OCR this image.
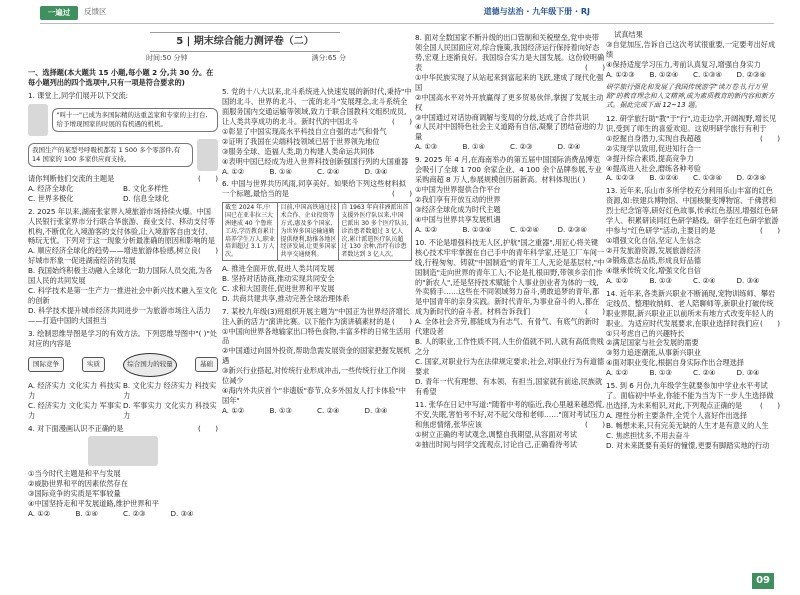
一遍过	反馈区	道德与法治 · 九年级下册 · RJ
一、选择题(本大题共 15 小题,每小题 2 分,共 30 分。在每小题列出的四个选项中,只有一项是符合要求的)
1. 课堂上,同学们展开以下交流:
"叫十一"已成为多国际精的达重盖家和专家的主打台,给予增现国家的时展的有机遇的机机。
我国生产的某型号呼吸机都有 1 500 多个零部件,有 14 国家的 100 多家供应商支持。
请你判断他们交流的主题是	(　　)
A. 经济全球化	B. 文化多样性
C. 世界多极化	D. 信息全球化
2. 2025 年以来,湖南张家界入境旅游市场持续火爆。中国人民银行张家界市分行联合华旅游、商业支付、移动支付等机构,不断优化入境游客的支付体验,让入境游客自由支付、畅玩无忧。下列对于这一现象分析最准确的原因和影响的是
(　　)
A. 顺应经济全球化的趋势——增进旅游体验感,树立良好城市形象一促进湖南经济的发展
B. 我国始终积极主动融入全球化一助力国际人员交流,为各国人民的共同发展
C. 科学技术是第一生产力一推进社会中新兴技术融入至文化的创新
D. 科学技术提升城市经济共同进步一为旅游市场注入活力——打造中国的大国担当
3. 绘制思维导图是学习的有效方法。下列思维导图中"( )"处对应的内容是
国际竞争	实质	综合国力的较量	基础
A. 经济实力 文化实力 科技实力
B. 文化实力 经济实力 科技实力
C. 经济实力 文化实力 军事实力
D. 军事实力 文化实力 科技实力
4. 对下面漫画认识不正确的是	(　　)
①当今时代主题是和平与发展
②威胁世界和平的因素依然存在
③国际竞争的实质是军事较量
④中国坚持走和平发展道路,维护世界和平
A. ①②	B. ①④	C. ②③	D. ③④
5 | 期末综合能力测评卷（二）
时间:50 分钟	满分:65 分
5. 党的十八大以来,北斗系统进入快速发展的新时代,秉持"中国的北斗、世界的北斗、一流的北斗"发展理念,北斗系统全面服务国内交通运输等领域,致力于联合国教科文组织成员,让人类共享成功的北斗。新时代的中国北斗	(　　)
①彰显了中国实现高水平科技自立自强的志气和骨气
②证明了我国在尖端科技领域已居于世界领先地位
③服务全球、造福人类,助力构建人类命运共同体
④表明中国已经成为进入世界科技创新强国行列的大国重器
A. ①②	B. ①④	C. ②④	D. ③④
6. 中国与世界共历风雨,同享美好。如果给下列这些材料拟一个标题,最恰当的是	(　　)
截至 2024 年,中国已在亚非拉三大洲建成 40 个鲁班工坊,学历教育累计培养学生万人,职业培训超过 3.1 万人次。	目前,中国高铁通过技术合作、企业投资等方式,惠及多个国家,为世界多国运输通勤提供便利,助推各地区经济发展,让更多国家共享交通便利。	自 1963 年向非洲派出首支援外医疗队以来,中国已派出 30 多个医疗队员,诊治患者数超过 3 亿人次,累计派遣医疗队员超过 130 余种,治疗有诊患者数达到 3 亿人次。
A. 推进全面开放,促进人类共同发展
B. 坚持对话协商,推动实现共同安全
C. 求和大国责任,促进世界和平发展
D. 共商共建共享,推动完善全球治理体系
7. 某校九年级(3)班组织开展主题为"中国正为世界经济增长注入新的活力"演讲比赛。以下能作为演讲稿素材的是 (　　)
①中国向世界各地输家出口特色食物,丰富多样的日常生活用品
②中国通过向国外投资,帮助急需发展资金的国家把握发展机遇
③新兴行业搭起,对传统行业形成冲击,一些传统行业工作岗位减少
④海内外共庆首个"非遗版"春节,众多外国友人打卡体验"中国年"
A. ①②	B. ①③	C. ②④	D. ③④
8. 面对全数国家不断升级的出口管制和关税壁垒,党中央带领全国人民国面应对,综合施策,我国经济运行保持着向好态势,宏观上逐渐良好。我国综合实力是大国发展。这份较明确表	(　　)
①中华民族实现了从站起来到富起来的飞跃,建成了现代化强国
②中国高水平对外开放赢得了更多贸易伙伴,掌握了发展主动权
③中国通过对话协商调解与变局的分歧,达成了合作共识
④人民对中国特色社会主义道路有自信,凝聚了团结奋进的力量
A. ①③	B. ①④	C. ②③	D. ②④
9. 2025 年 4 月,在海南举办的第五届中国国际消费品博览会吸引了全球 1 700 余家企业、4 100 余个品牌参展,专业采购商超 8 万人,参展规模创历届新高。材料体现出( )
①中国为世界提供合作平台
②我们享有开放互动的世界
③经济全球化成为时代主题
④中国与世界共享发展机遇
A. ①②	B. ①③④	C. ①②④	D. ②③④
10. 不论是增强科技无人区,护航"国之重器",用匠心将关键核心技术牢牢掌握在自己手中的青年科学家,还是工厂车间一线,行程匆匆、铸就"中国制造"的青年工人,无论是基层村,"中国制造"走向世界的青年工人;不论是扎根田野,带领乡亲们作的"新农人",还是坚持技术赋能个人事业创业者为体的一线,外卖骑手……这些在不同领域努力奋斗,勇敢追梦的青年,都是中国青年的亲身实践。新时代青年,为事业奋斗的人,都在成为新时代的奋斗者。材料告诉我们	(　　)
A. 全体社会齐劳,都能成为有志气、有骨气、有底气的新时代建设者
B. 人的职业,工作性质不同,人生价值就不同,人就有高低贵贱之分
C. 国家,对职业行为在法律规定要求;社会,对职业行为有道德要求
D. 青年一代有理想、有本领、有担当,国家就有前途,民族就有希望
11. 张华在日记中写道:"随着中考的临近,我心里越来越恐慌,不安,失眠,害怕考不好,对不起父母和老师……"面对考试压力和焦虑情绪,张华应该	(　　)
①树立正确的考试观念,调整自我期望,从容面对考试
②抽出时间与同学交流观点,讨论自己,正确看待考试
试真结果
③自觉加压,告诉自己这次考试很重要,一定要考出好成绩
④保持适度学习压力,考前认真复习,增强自身实力
A. ①②③	B. ①②④	C. ①③④	D. ②③④
研学旅行强化和发展了我国传统游学"读万卷书,行万里路"的教育理念和人文精神,成为素质教育的新内容和新方式。据此完成下面 12~13 题。
12. 研学旅行助"教"于"行",边走边学,开阔视野,增长见识,受到了师生的喜爱欢迎。这说明研学旅行有利于
(　　)
①挖掘自身潜力,实现自我超越
②实现学以致用,促进知行合一
③提升综合素质,提高竞争力
④提高进入社会,磨练各种考验
A. ①②③	B. ①②④	C. ①③④	D. ②③④
13. 近年来,乐山市多所学校充分利用乐山丰富的红色资源,如:铁建兵博物馆、中国核聚变博物馆、千佛营和烈士纪念馆等,研好红色故事,传承红色基因,增强红色研学人、积累研读同红色研学路线。研学在红色研学旅游中参与"红色研学"活动,主要目的是	(　　)
①增强文化自信,坚定人生信念
②开发旅游资源,发展旅游经济
③锻炼意志品质,形成良好品德
④继承传统文化,增强文化自信
A. ①②	B. ①③	C. ②④	D. ③④
14. 近年来,各类新兴职业不断涌现,宠物训练师、攀岩定线员、整理收纳师、老人陪聊师等,新职业打破传统职业界限,新兴职业正以前所未有地方式改变年轻人的职业。为适应时代发展要求,在职业选择时我们应 (　　)
①只考虑自己的兴趣特长
②满足国家与社会发展的需要
③努力追逐潮流,从事新兴职业
④面对职业变化,根据自身实际作出合理选择
A. ①②	B. ①③	C. ②④	D. ③④
15. 到 6 月份,九年级学生就要参加中学业水平考试了。面临初中毕业,你能不能为当为下一步人生选择做出选择,为未来相识,对此,下列观点正确的是 (　　)
A. 理性分析主要条件,全凭个人喜好作出选择
B. 畅想未来,只有完美无缺的人生才是有意义的人生
C. 焦虑担忧多,不用去奋斗
D. 对未来既要有美好的憧憬,更要有脚踏实地的行动
09
